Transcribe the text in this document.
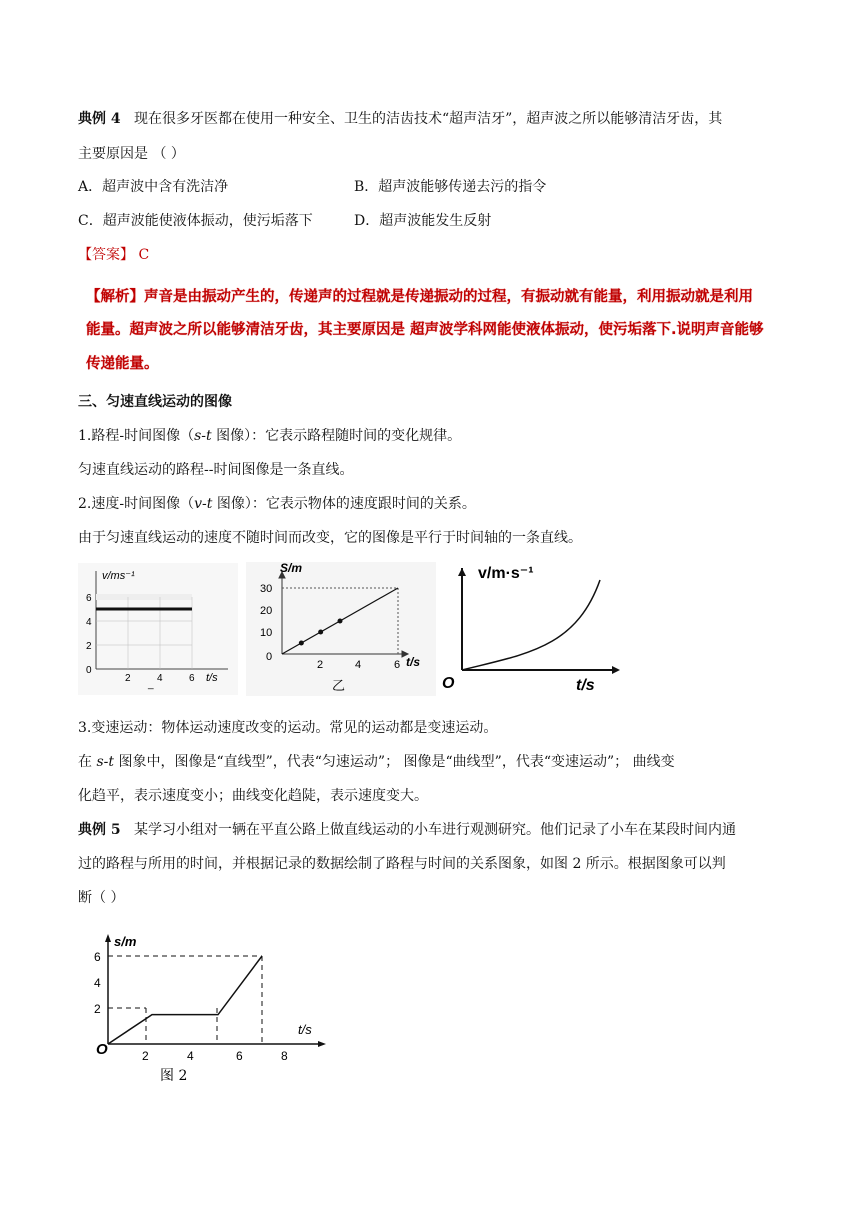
典例 4 现在很多牙医都在使用一种安全、卫生的洁齿技术“超声洁牙”，超声波之所以能够清洁牙齿，其
主要原因是 （ ）
A．超声波中含有洗洁净	B．超声波能够传递去污的指令
C．超声波能使液体振动，使污垢落下	D．超声波能发生反射
【答案】 C
【解析】声音是由振动产生的，传递声的过程就是传递振动的过程，有振动就有能量，利用振动就是利用
能量。超声波之所以能够清洁牙齿，其主要原因是 超声波学科网能使液体振动，使污垢落下.说明声音能够
传递能量。
三、匀速直线运动的图像
1.路程-时间图像（s-t 图像）：它表示路程随时间的变化规律。
匀速直线运动的路程--时间图像是一条直线。
2.速度-时间图像（v-t 图像）：它表示物体的速度跟时间的关系。
由于匀速直线运动的速度不随时间而改变，它的图像是平行于时间轴的一条直线。
v/ms⁻¹
t/s
6
4
2
0
2	4	6
_
S/m
t/s
30
20
10
0
2	4	6
乙
v/m·s⁻¹
t/s
O
3.变速运动：物体运动速度改变的运动。常见的运动都是变速运动。
在 s-t 图象中，图像是“直线型”，代表“匀速运动”； 图像是“曲线型”，代表“变速运动”； 曲线变
化趋平，表示速度变小；曲线变化趋陡，表示速度变大。
典例 5 某学习小组对一辆在平直公路上做直线运动的小车进行观测研究。他们记录了小车在某段时间内通
过的路程与所用的时间，并根据记录的数据绘制了路程与时间的关系图象，如图 2 所示。根据图象可以判
断（ ）
s/m
t/s
O
6
4
2
2	4	6	8
图 2
